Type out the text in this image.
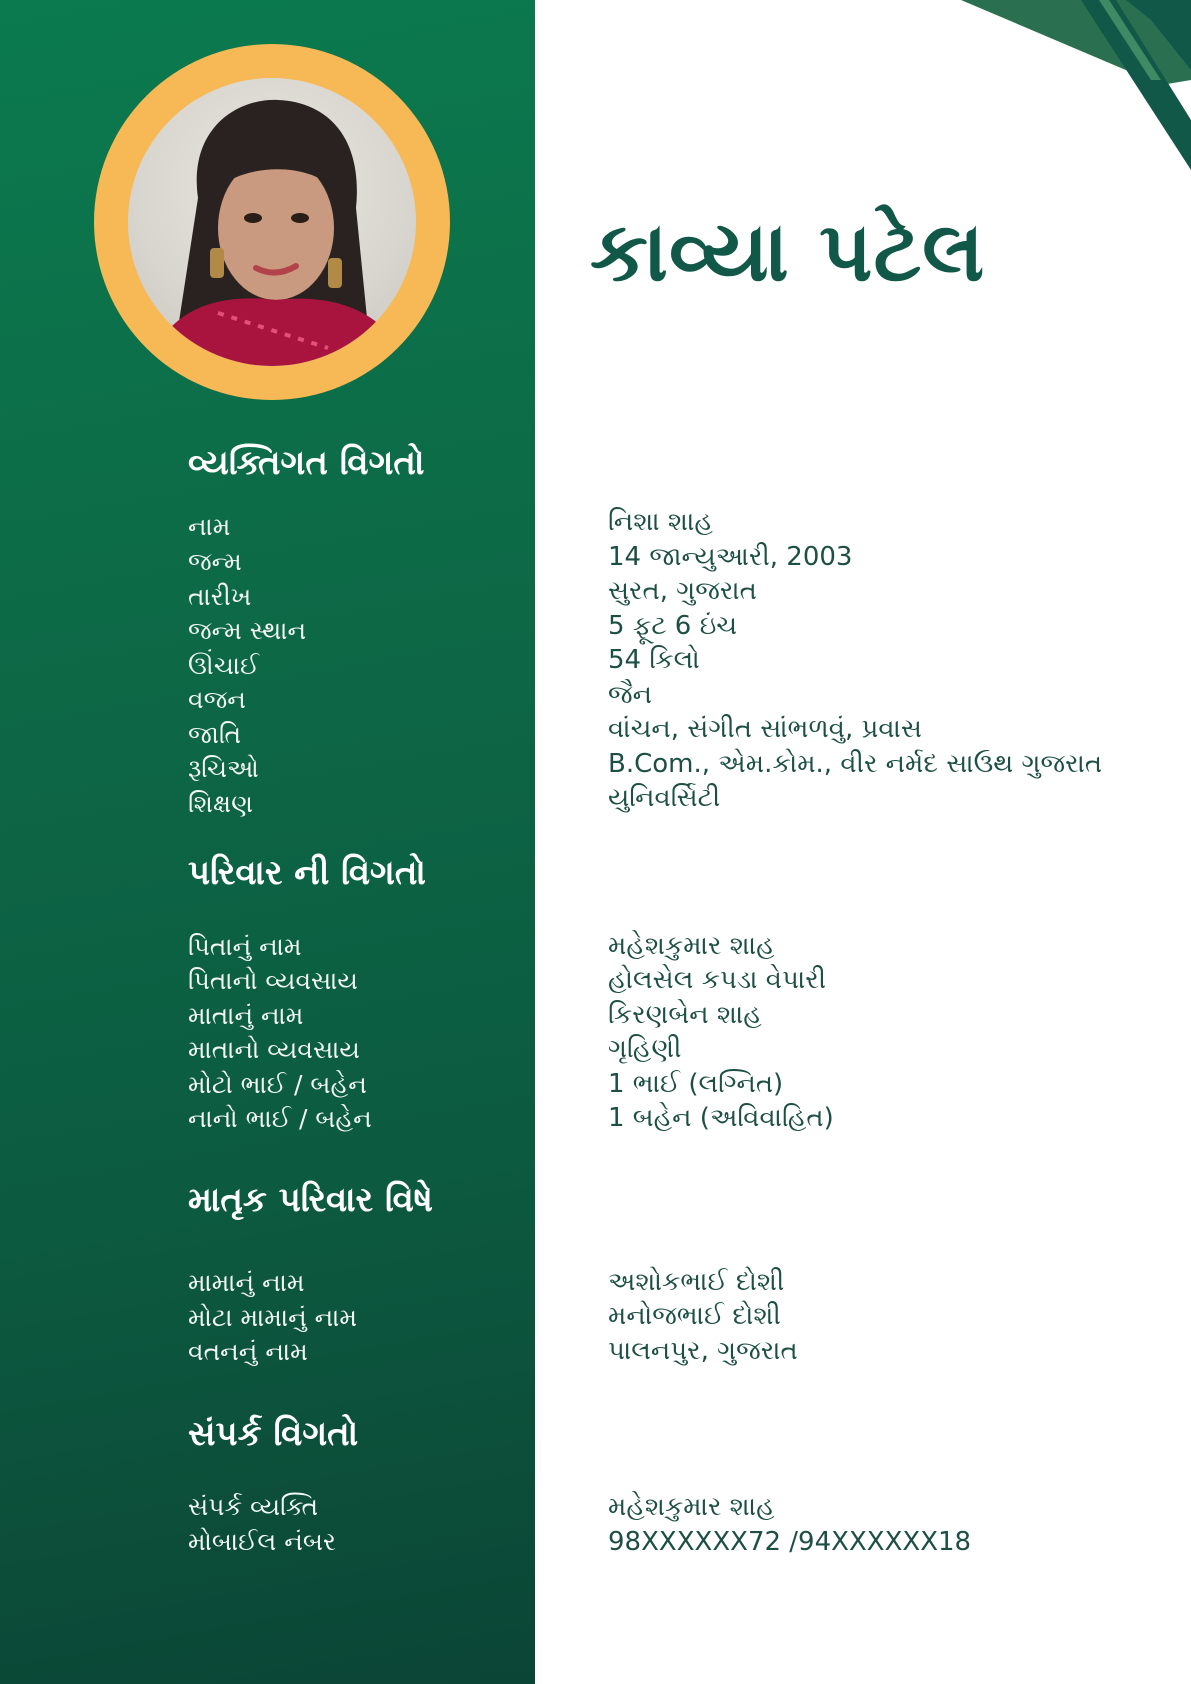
કાવ્યા પટેલ
વ્યક્તિગત વિગતો
નામ
જન્મ
તારીખ
જન્મ સ્થાન
ઊંચાઈ
વજન
જાતિ
રૂચિઓ
શિક્ષણ
નિશા શાહ
14 જાન્યુઆરી, 2003
સુરત, ગુજરાત
5 ફૂટ 6 ઇંચ
54 કિલો
જૈન
વાંચન, સંગીત સાંભળવું, પ્રવાસ
B.Com., એમ.કોમ., વીર નર્મદ સાઉથ ગુજરાત
યુનિવર્સિટી
પરિવાર ની વિગતો
પિતાનું નામ
પિતાનો વ્યવસાય
માતાનું નામ
માતાનો વ્યવસાય
મોટો ભાઈ / બહેન
નાનો ભાઈ / બહેન
મહેશકુમાર શાહ
હોલસેલ કપડા વેપારી
કિરણબેન શાહ
ગૃહિણી
1 ભાઈ (લગ્નિત)
1 બહેન (અવિવાહિત)
માતૃક પરિવાર વિષે
મામાનું નામ
મોટા મામાનું નામ
વતનનું નામ
અશોકભાઈ દોશી
મનોજભાઈ દોશી
પાલનપુર, ગુજરાત
સંપર્ક વિગતો
સંપર્ક વ્યક્તિ
મોબાઈલ નંબર
મહેશકુમાર શાહ
98XXXXXX72 /94XXXXXX18
